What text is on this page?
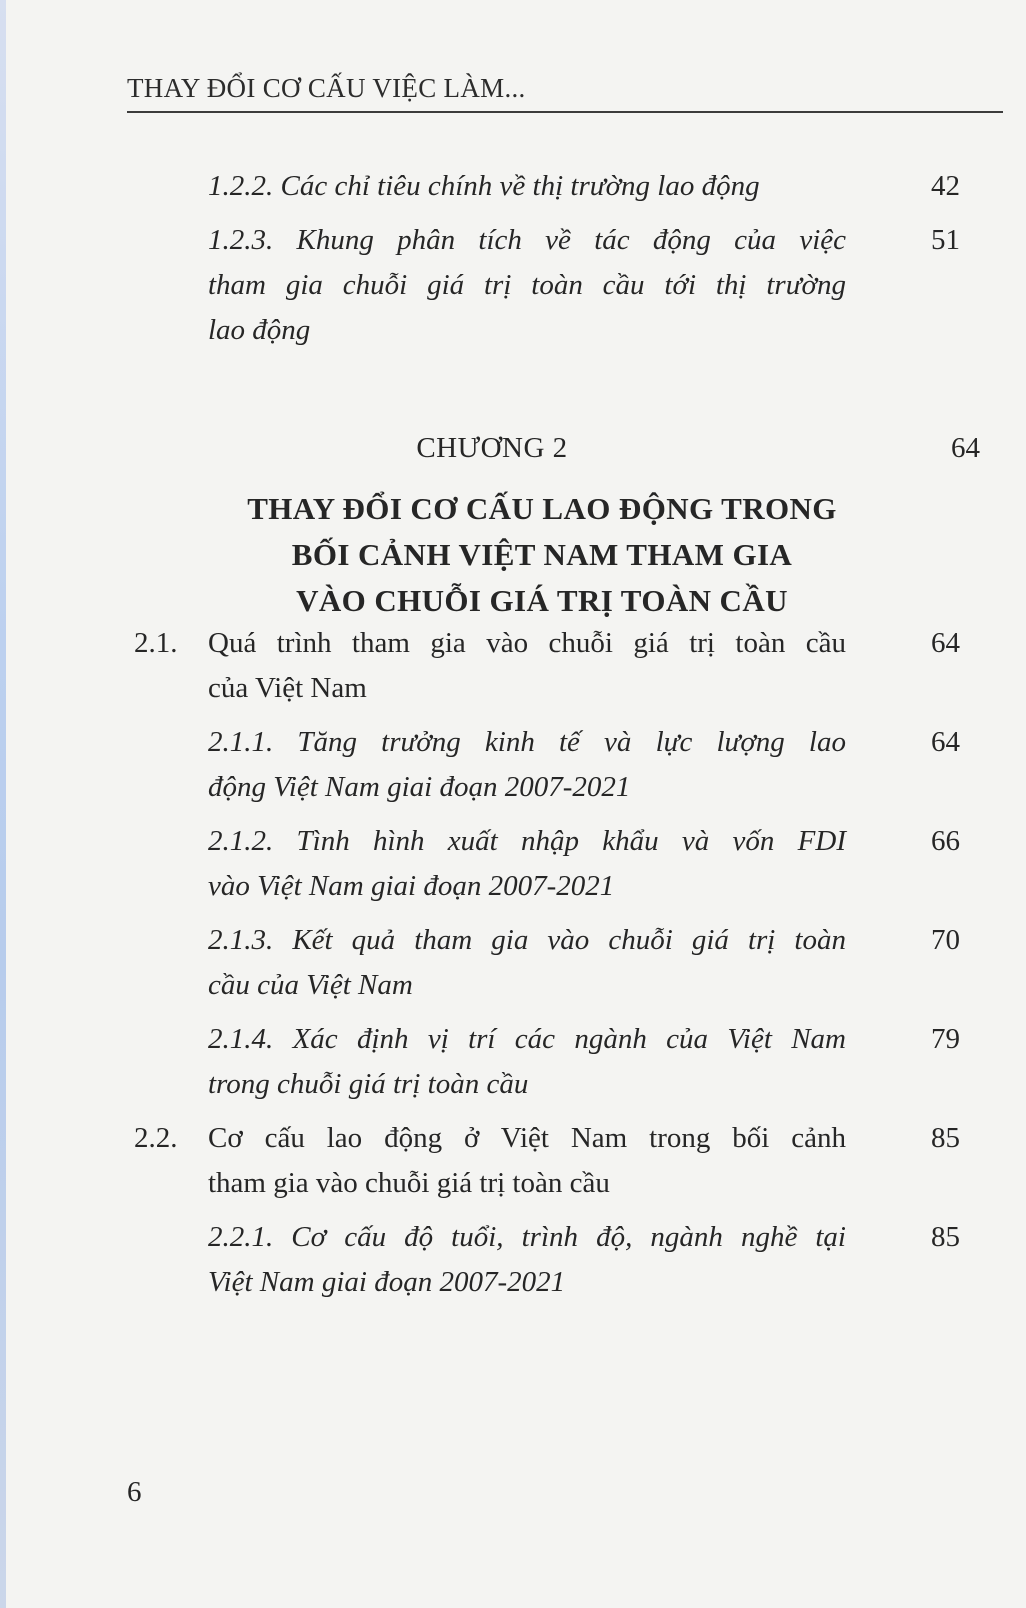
THAY ĐỔI CƠ CẤU VIỆC LÀM...
1.2.2. Các chỉ tiêu chính về thị trường lao động	42
1.2.3. Khung phân tích về tác động của việc
tham gia chuỗi giá trị toàn cầu tới thị trường
lao động
51
CHƯƠNG 2	64
THAY ĐỔI CƠ CẤU LAO ĐỘNG TRONG
BỐI CẢNH VIỆT NAM THAM GIA
VÀO CHUỖI GIÁ TRỊ TOÀN CẦU
2.1. Quá trình tham gia vào chuỗi giá trị toàn cầu
của Việt Nam
64
2.1.1. Tăng trưởng kinh tế và lực lượng lao
động Việt Nam giai đoạn 2007-2021
64
2.1.2. Tình hình xuất nhập khẩu và vốn FDI
vào Việt Nam giai đoạn 2007-2021
66
2.1.3. Kết quả tham gia vào chuỗi giá trị toàn
cầu của Việt Nam
70
2.1.4. Xác định vị trí các ngành của Việt Nam
trong chuỗi giá trị toàn cầu
79
2.2. Cơ cấu lao động ở Việt Nam trong bối cảnh
tham gia vào chuỗi giá trị toàn cầu
85
2.2.1. Cơ cấu độ tuổi, trình độ, ngành nghề tại
Việt Nam giai đoạn 2007-2021
85
6
